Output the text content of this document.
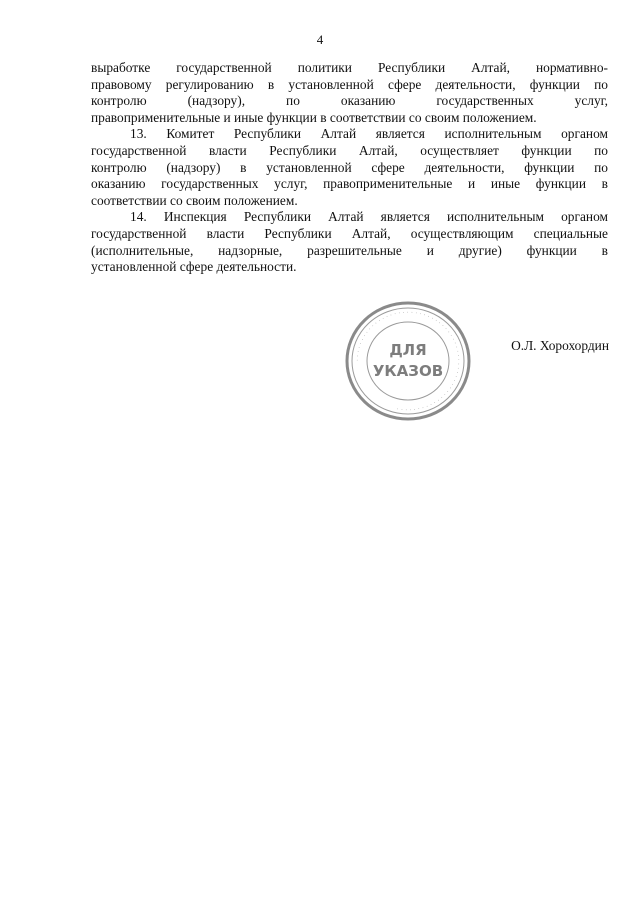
4
выработке государственной политики Республики Алтай, нормативно-
правовому регулированию в установленной сфере деятельности, функции по
контролю (надзору), по оказанию государственных услуг,
правоприменительные и иные функции в соответствии со своим положением.
13. Комитет Республики Алтай является исполнительным органом
государственной власти Республики Алтай, осуществляет функции по
контролю (надзору) в установленной сфере деятельности, функции по
оказанию государственных услуг, правоприменительные и иные функции в
соответствии со своим положением.
14. Инспекция Республики Алтай является исполнительным органом
государственной власти Республики Алтай, осуществляющим специальные
(исполнительные, надзорные, разрешительные и другие) функции в
установленной сфере деятельности.
· · · · · · · · · · · · · · · · · · · · · · · · · · · · · · · · · · · · · · · · · · · · · · · · · · · · · · · · · ·
ДЛЯ
УКАЗОВ
О.Л. Хорохордин
